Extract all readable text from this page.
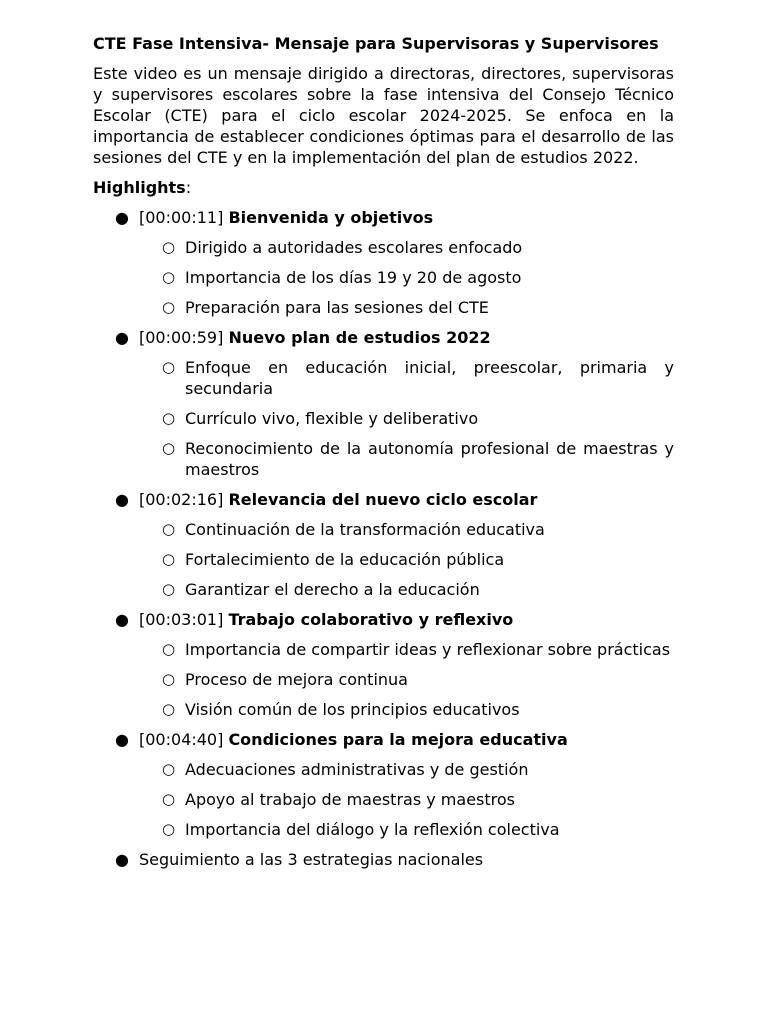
CTE Fase Intensiva- Mensaje para Supervisoras y Supervisores

Este video es un mensaje dirigido a directoras, directores, supervisoras y supervisores escolares sobre la fase intensiva del Consejo Técnico Escolar (CTE) para el ciclo escolar 2024-2025. Se enfoca en la importancia de establecer condiciones óptimas para el desarrollo de las sesiones del CTE y en la implementación del plan de estudios 2022.

Highlights:

● [00:00:11] Bienvenida y objetivos
○ Dirigido a autoridades escolares enfocado
○ Importancia de los días 19 y 20 de agosto
○ Preparación para las sesiones del CTE
● [00:00:59] Nuevo plan de estudios 2022
○ Enfoque en educación inicial, preescolar, primaria y secundaria
○ Currículo vivo, flexible y deliberativo
○ Reconocimiento de la autonomía profesional de maestras y maestros
● [00:02:16] Relevancia del nuevo ciclo escolar
○ Continuación de la transformación educativa
○ Fortalecimiento de la educación pública
○ Garantizar el derecho a la educación
● [00:03:01] Trabajo colaborativo y reflexivo
○ Importancia de compartir ideas y reflexionar sobre prácticas
○ Proceso de mejora continua
○ Visión común de los principios educativos
● [00:04:40] Condiciones para la mejora educativa
○ Adecuaciones administrativas y de gestión
○ Apoyo al trabajo de maestras y maestros
○ Importancia del diálogo y la reflexión colectiva
● Seguimiento a las 3 estrategias nacionales
